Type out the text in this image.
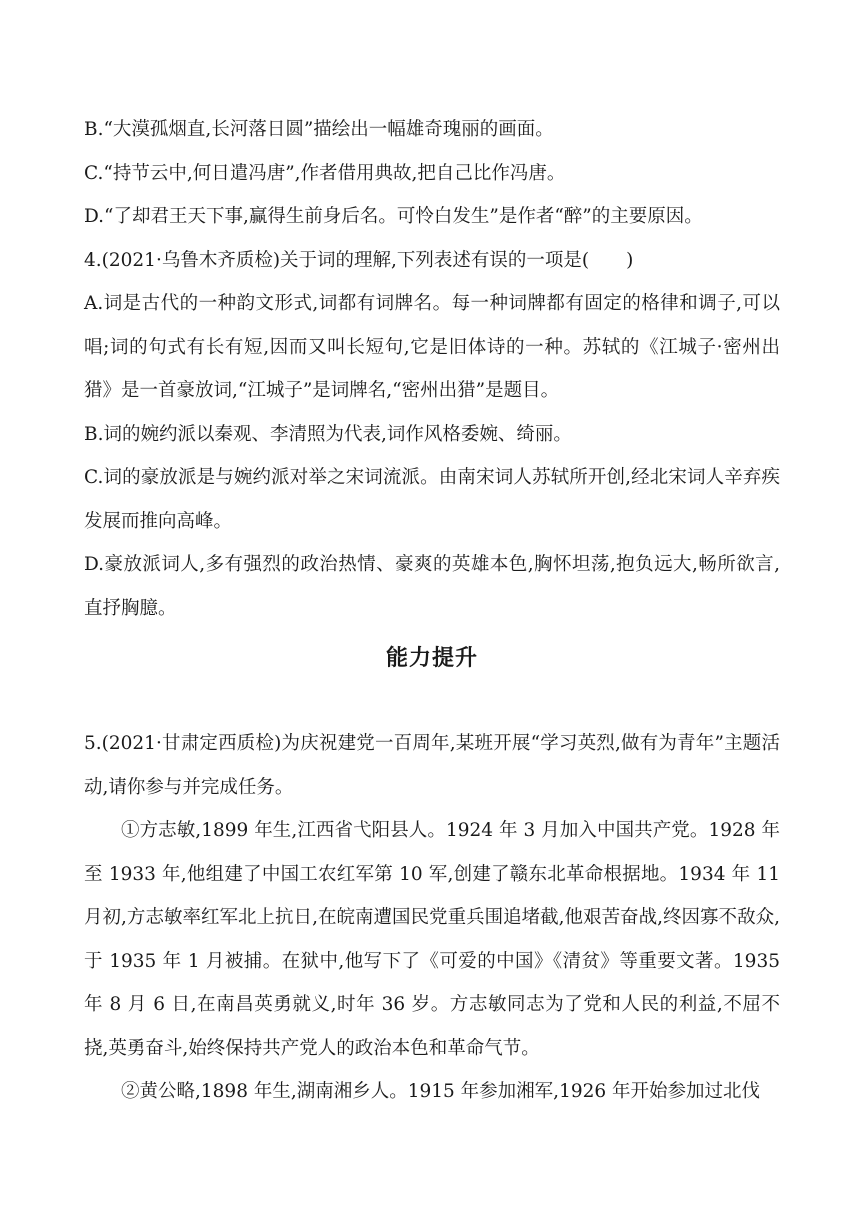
B.“大漠孤烟直,长河落日圆”描绘出一幅雄奇瑰丽的画面。

C.“持节云中,何日遣冯唐”,作者借用典故,把自己比作冯唐。

D.“了却君王天下事,赢得生前身后名。可怜白发生”是作者“醉”的主要原因。

4.(2021·乌鲁木齐质检)关于词的理解,下列表述有误的一项是(　　)

A.词是古代的一种韵文形式,词都有词牌名。每一种词牌都有固定的格律和调子,可以唱;词的句式有长有短,因而又叫长短句,它是旧体诗的一种。苏轼的《江城子·密州出猎》是一首豪放词,“江城子”是词牌名,“密州出猎”是题目。

B.词的婉约派以秦观、李清照为代表,词作风格委婉、绮丽。

C.词的豪放派是与婉约派对举之宋词流派。由南宋词人苏轼所开创,经北宋词人辛弃疾发展而推向高峰。

D.豪放派词人,多有强烈的政治热情、豪爽的英雄本色,胸怀坦荡,抱负远大,畅所欲言,直抒胸臆。

能力提升

5.(2021·甘肃定西质检)为庆祝建党一百周年,某班开展“学习英烈,做有为青年”主题活动,请你参与并完成任务。

①方志敏,1899 年生,江西省弋阳县人。1924 年 3 月加入中国共产党。1928 年至 1933 年,他组建了中国工农红军第 10 军,创建了赣东北革命根据地。1934 年 11 月初,方志敏率红军北上抗日,在皖南遭国民党重兵围追堵截,他艰苦奋战,终因寡不敌众,于 1935 年 1 月被捕。在狱中,他写下了《可爱的中国》《清贫》等重要文著。1935 年 8 月 6 日,在南昌英勇就义,时年 36 岁。方志敏同志为了党和人民的利益,不屈不挠,英勇奋斗,始终保持共产党人的政治本色和革命气节。

②黄公略,1898 年生,湖南湘乡人。1915 年参加湘军,1926 年开始参加过北伐
